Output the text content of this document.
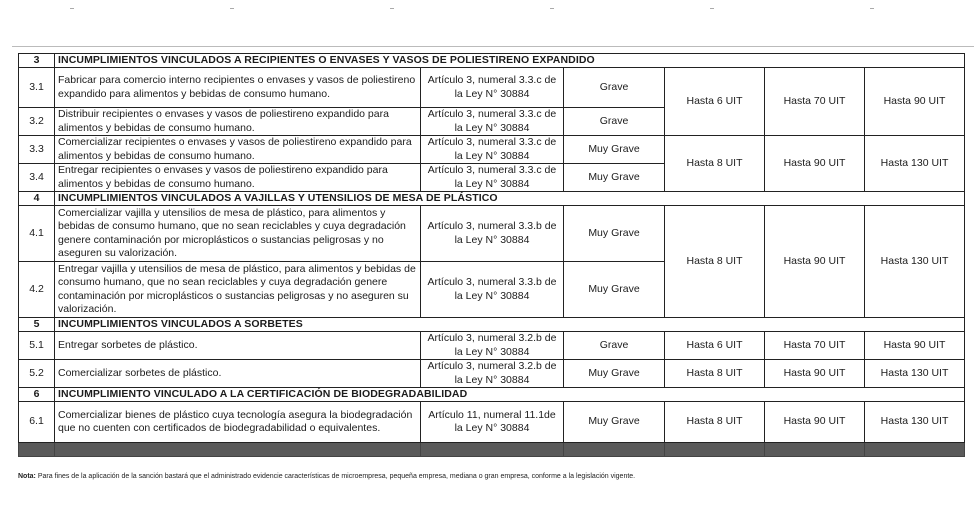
3	INCUMPLIMIENTOS VINCULADOS A RECIPIENTES O ENVASES Y VASOS DE POLIESTIRENO EXPANDIDO					
3.1	Fabricar para comercio interno recipientes o envases y vasos de poliestireno expandido para alimentos y bebidas de consumo humano.	Artículo 3, numeral 3.3.c de la Ley N° 30884	Grave	Hasta 6 UIT	Hasta 70 UIT	Hasta 90 UIT
3.2	Distribuir recipientes o envases y vasos de poliestireno expandido para alimentos y bebidas de consumo humano.	Artículo 3, numeral 3.3.c de la Ley N° 30884	Grave			
3.3	Comercializar recipientes o envases y vasos de poliestireno expandido para alimentos y bebidas de consumo humano.	Artículo 3, numeral 3.3.c de la Ley N° 30884	Muy Grave	Hasta 8 UIT	Hasta 90 UIT	Hasta 130 UIT
3.4	Entregar recipientes o envases y vasos de poliestireno expandido para alimentos y bebidas de consumo humano.	Artículo 3, numeral 3.3.c de la Ley N° 30884	Muy Grave			
4	INCUMPLIMIENTOS VINCULADOS A VAJILLAS Y UTENSILIOS DE MESA DE PLÁSTICO					
4.1	Comercializar vajilla y utensilios de mesa de plástico, para alimentos y bebidas de consumo humano, que no sean reciclables y cuya degradación genere contaminación por microplásticos o sustancias peligrosas y no aseguren su valorización.	Artículo 3, numeral 3.3.b de la Ley N° 30884	Muy Grave	Hasta 8 UIT	Hasta 90 UIT	Hasta 130 UIT
4.2	Entregar vajilla y utensilios de mesa de plástico, para alimentos y bebidas de consumo humano, que no sean reciclables y cuya degradación genere contaminación por microplásticos o sustancias peligrosas y no aseguren su valorización.	Artículo 3, numeral 3.3.b de la Ley N° 30884	Muy Grave			
5	INCUMPLIMIENTOS VINCULADOS A SORBETES					
5.1	Entregar sorbetes de plástico.	Artículo 3, numeral 3.2.b de la Ley N° 30884	Grave	Hasta 6 UIT	Hasta 70 UIT	Hasta 90 UIT
5.2	Comercializar sorbetes de plástico.	Artículo 3, numeral 3.2.b de la Ley N° 30884	Muy Grave	Hasta 8 UIT	Hasta 90 UIT	Hasta 130 UIT
6	INCUMPLIMIENTO VINCULADO A LA CERTIFICACIÓN DE BIODEGRADABILIDAD					
6.1	Comercializar bienes de plástico cuya tecnología asegura la biodegradación que no cuenten con certificados de biodegradabilidad o equivalentes.	Artículo 11, numeral 11.1de la Ley N° 30884	Muy Grave	Hasta 8 UIT	Hasta 90 UIT	Hasta 130 UIT

Nota: Para fines de la aplicación de la sanción bastará que el administrado evidencie características de microempresa, pequeña empresa, mediana o gran empresa, conforme a la legislación vigente.
